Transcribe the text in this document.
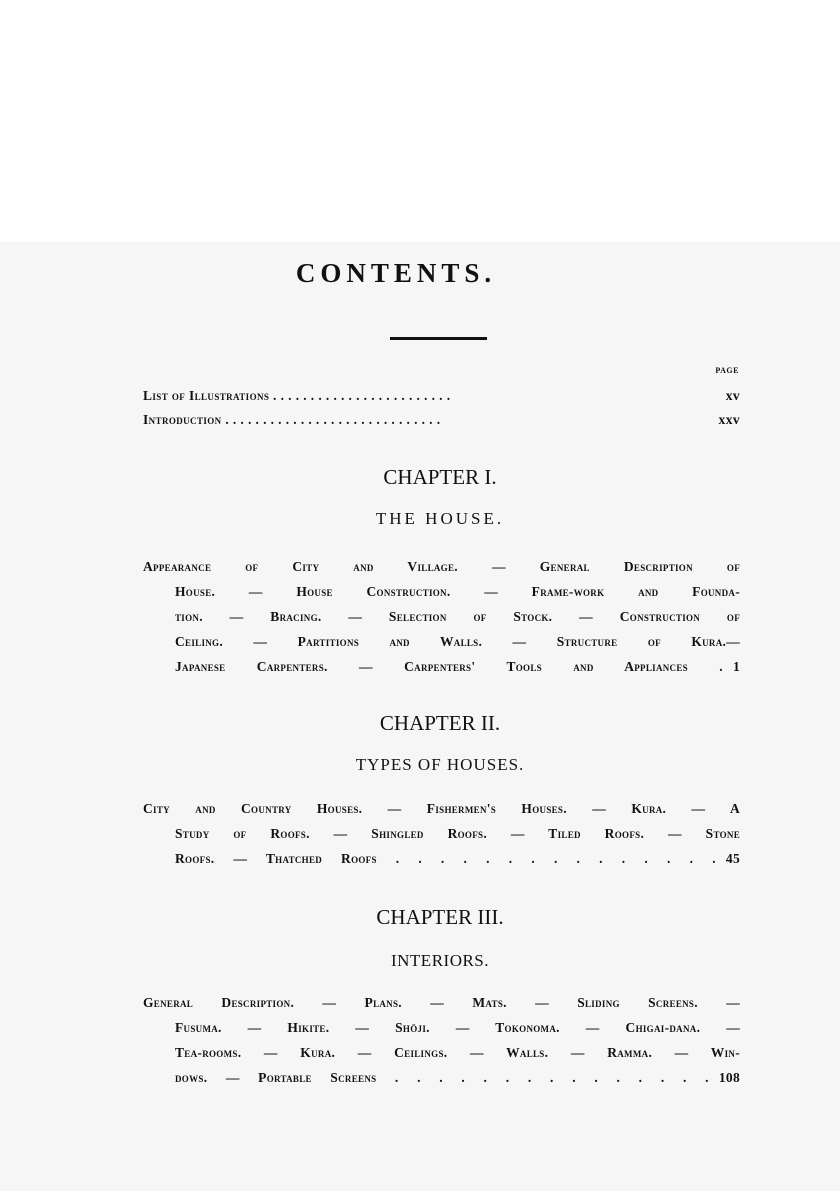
CONTENTS.
PAGE
List of Illustrations . . . . . . . . . . . . . . . . . . . . . . . .	xv
Introduction . . . . . . . . . . . . . . . . . . . . . . . . . . . . .	xxv
CHAPTER I.
THE HOUSE.
Appearance of City and Village. — General Description of
House. — House Construction. — Frame-work and Founda-
tion. — Bracing. — Selection of Stock. — Construction of
Ceiling. — Partitions and Walls. — Structure of Kura.—
Japanese Carpenters. — Carpenters' Tools and Appliances . 1
CHAPTER II.
TYPES OF HOUSES.
City and Country Houses. — Fishermen's Houses. — Kura. — A
Study of Roofs. — Shingled Roofs. — Tiled Roofs. — Stone
Roofs. — Thatched Roofs . . . . . . . . . . . . . . . 45
CHAPTER III.
INTERIORS.
General Description. — Plans. — Mats. — Sliding Screens. —
Fusuma. — Hikite. — Shōji. — Tokonoma. — Chigai-dana. —
Tea-rooms. — Kura. — Ceilings. — Walls. — Ramma. — Win-
dows. — Portable Screens . . . . . . . . . . . . . . . 108
